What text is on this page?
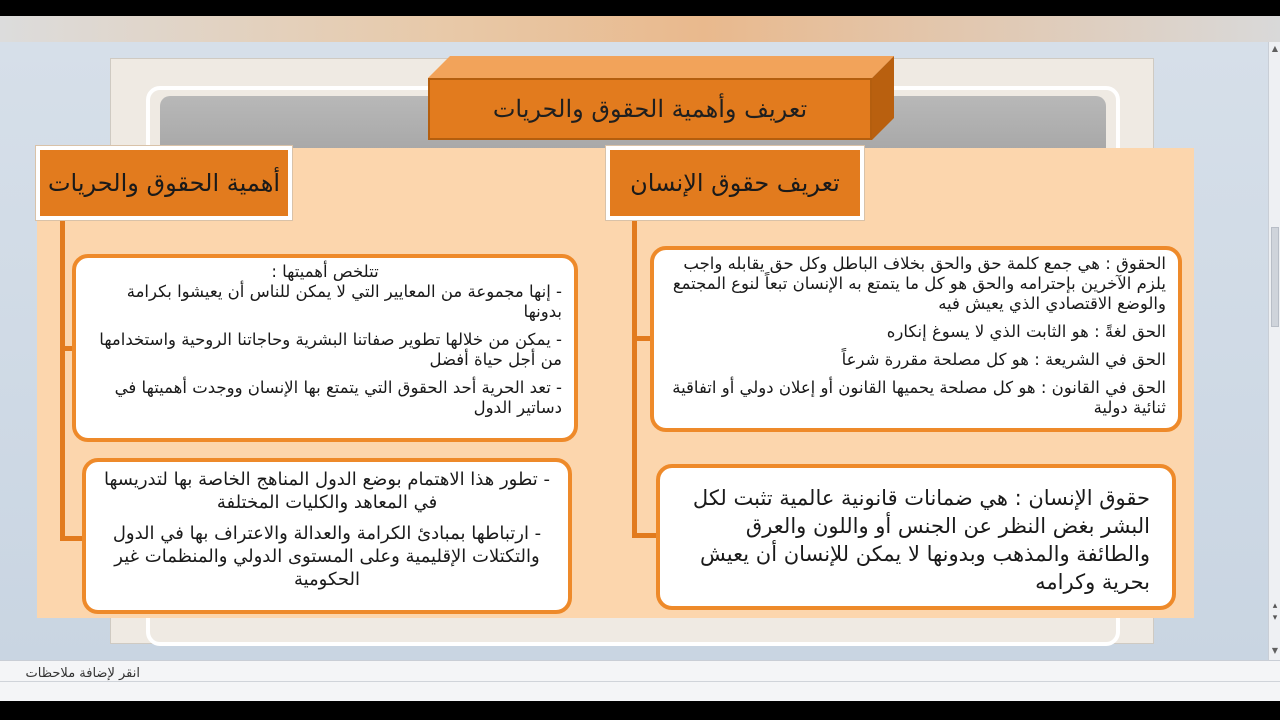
▲
▼
▴
▾
تعريف وأهمية الحقوق والحريات
تعريف حقوق الإنسان
أهمية الحقوق والحريات

الحقوق : هي جمع كلمة حق والحق بخلاف الباطل وكل حق يقابله واجب يلزم الآخرين بإحترامه والحق هو كل ما يتمتع به الإنسان تبعاً لنوع المجتمع والوضع الاقتصادي الذي يعيش فيه

الحق لغةً : هو الثابت الذي لا يسوغ إنكاره

الحق في الشريعة : هو كل مصلحة مقررة شرعاً

الحق في القانون : هو كل مصلحة يحميها القانون أو إعلان دولي أو اتفاقية ثنائية دولية

حقوق الإنسان : هي ضمانات قانونية عالمية تثبت لكل البشر بغض النظر عن الجنس أو واللون والعرق والطائفة والمذهب وبدونها لا يمكن للإنسان أن يعيش بحرية وكرامه

تتلخص أهميتها :

- إنها مجموعة من المعايير التي لا يمكن للناس أن يعيشوا بكرامة بدونها

- يمكن من خلالها تطوير صفاتنا البشرية وحاجاتنا الروحية واستخدامها من أجل حياة أفضل

- تعد الحرية أحد الحقوق التي يتمتع بها الإنسان ووجدت أهميتها في دساتير الدول

- تطور هذا الاهتمام بوضع الدول المناهج الخاصة بها لتدريسها في المعاهد والكليات المختلفة

- ارتباطها بمبادئ الكرامة والعدالة والاعتراف بها في الدول والتكتلات الإقليمية وعلى المستوى الدولي والمنظمات غير الحكومية

انقر لإضافة ملاحظات
